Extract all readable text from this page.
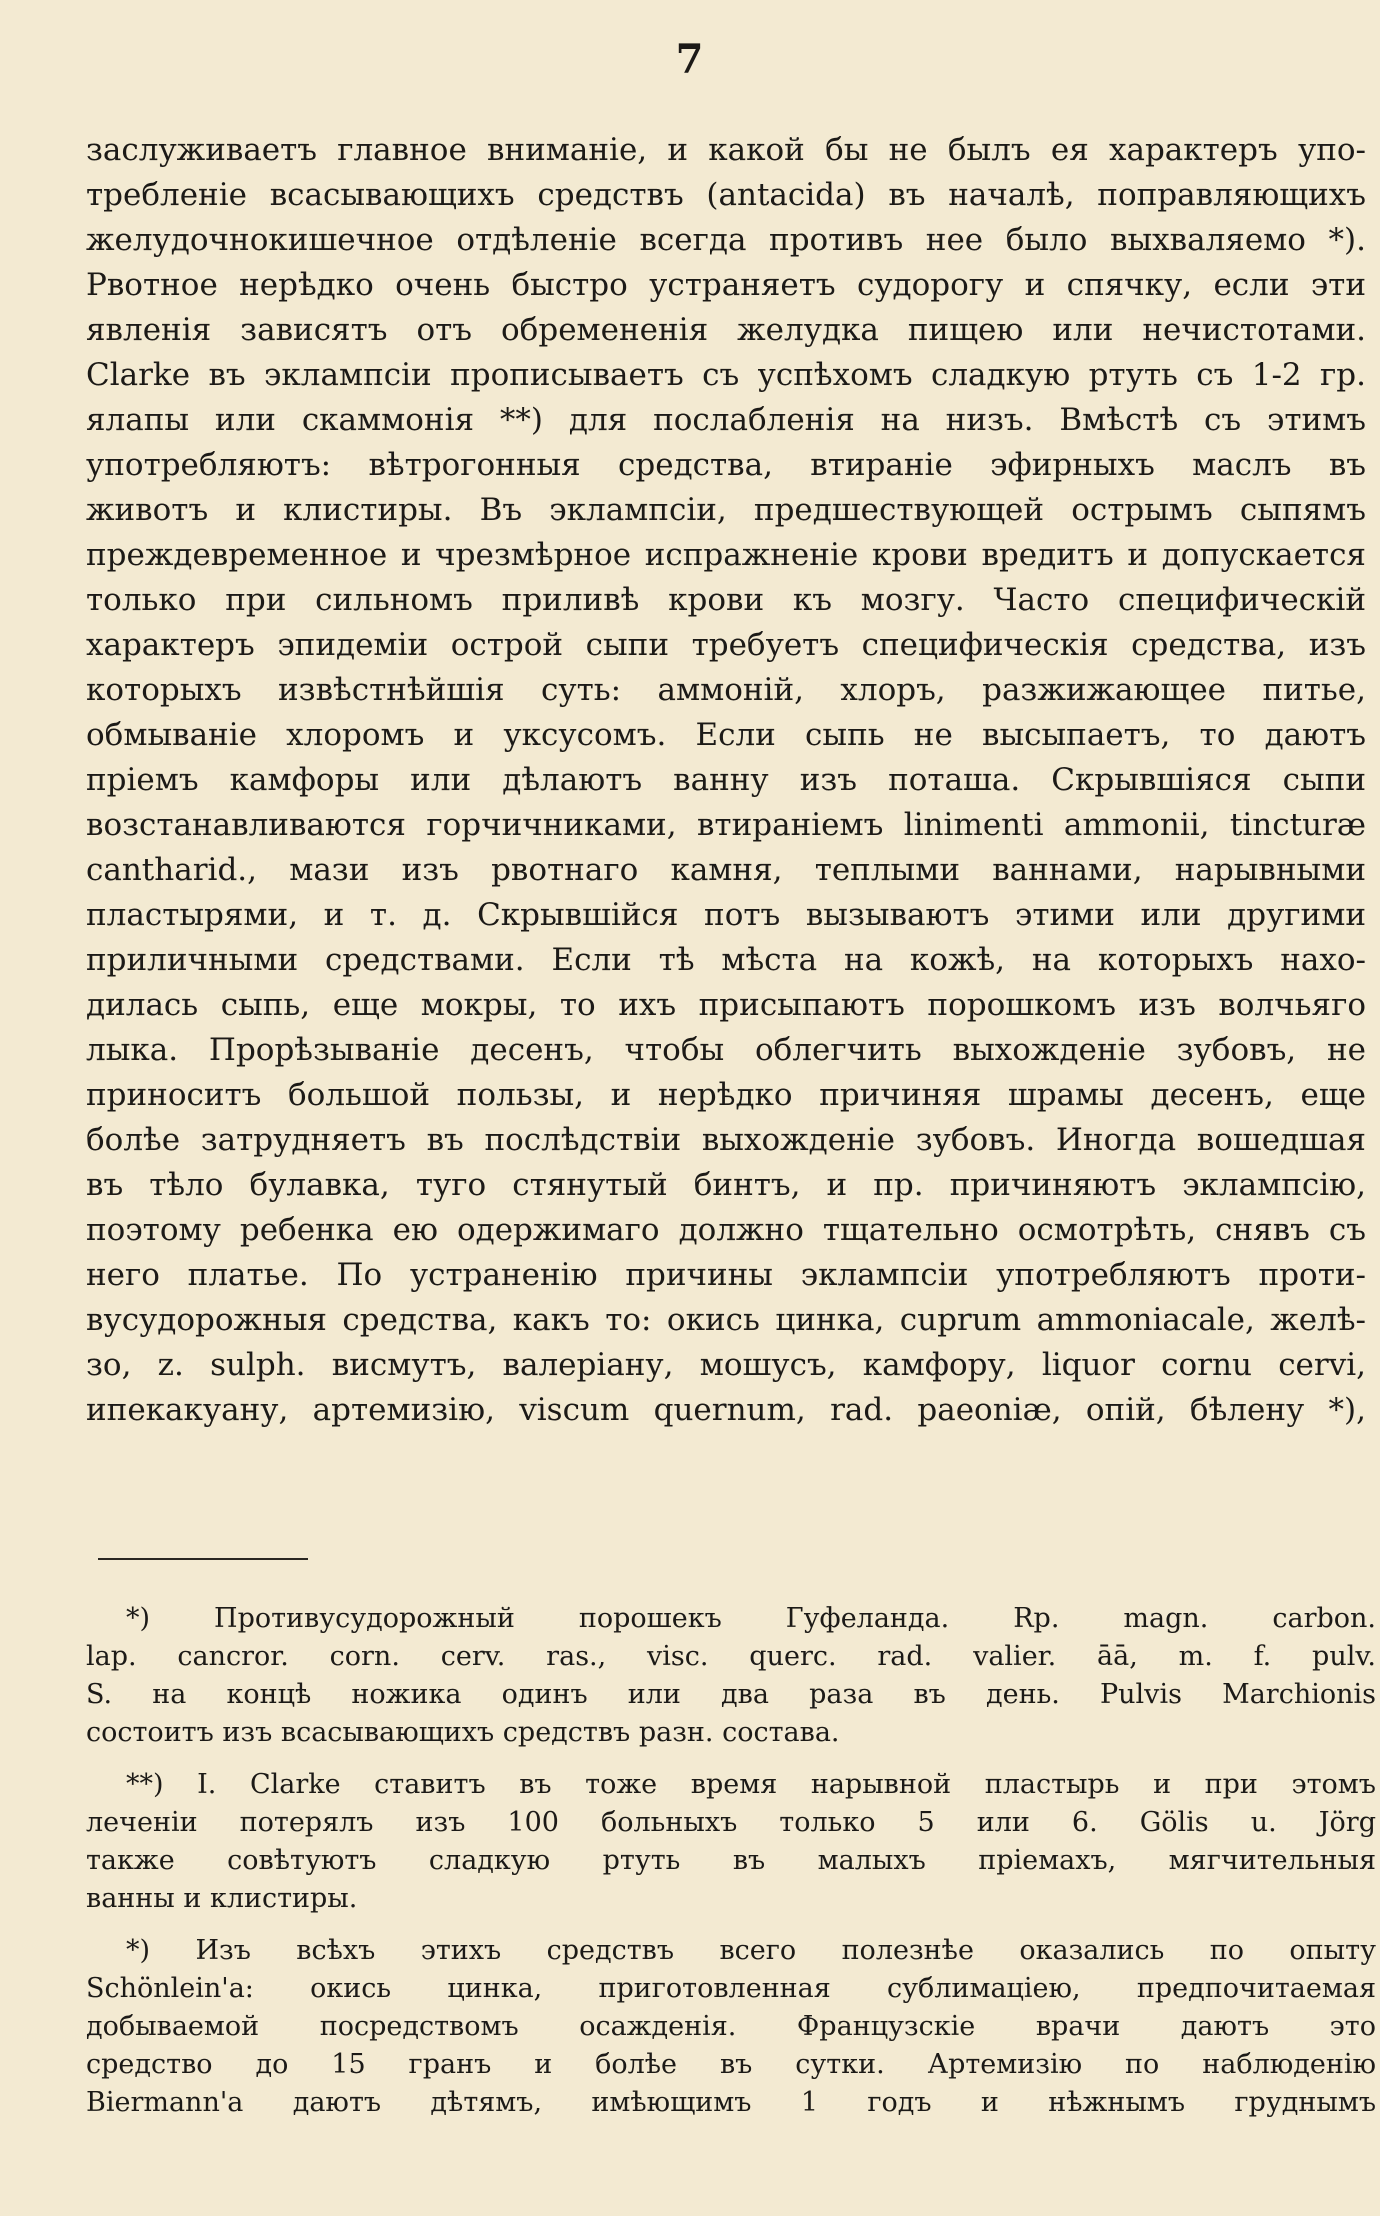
7
заслуживаетъ главное вниманіе, и какой бы не былъ ея характеръ упо-
требленіе всасывающихъ средствъ (antacida) въ началѣ, поправляющихъ
желудочнокишечное отдѣленіе всегда противъ нее было выхваляемо *).
Рвотное нерѣдко очень быстро устраняетъ судорогу и спячку, если эти
явленія зависятъ отъ обремененія желудка пищею или нечистотами.
Clarke въ эклампсіи прописываетъ съ успѣхомъ сладкую ртуть съ 1-2 гр.
ялапы или скаммонія **) для послабленія на низъ. Вмѣстѣ съ этимъ
употребляютъ: вѣтрогонныя средства, втираніе эфирныхъ маслъ въ
животъ и клистиры. Въ эклампсіи, предшествующей острымъ сыпямъ
преждевременное и чрезмѣрное испражненіе крови вредитъ и допускается
только при сильномъ приливѣ крови къ мозгу. Часто специфическій
характеръ эпидеміи острой сыпи требуетъ специфическія средства, изъ
которыхъ извѣстнѣйшія суть: аммоній, хлоръ, разжижающее питье,
обмываніе хлоромъ и уксусомъ. Если сыпь не высыпаетъ, то даютъ
пріемъ камфоры или дѣлаютъ ванну изъ поташа. Скрывшіяся сыпи
возстанавливаются горчичниками, втираніемъ linimenti ammonii, tincturæ
cantharid., мази изъ рвотнаго камня, теплыми ваннами, нарывными
пластырями, и т. д. Скрывшійся потъ вызываютъ этими или другими
приличными средствами. Если тѣ мѣста на кожѣ, на которыхъ нахо-
дилась сыпь, еще мокры, то ихъ присыпаютъ порошкомъ изъ волчьяго
лыка. Прорѣзываніе деcенъ, чтобы облегчить выхожденіе зубовъ, не
приноситъ большой пользы, и нерѣдко причиняя шрамы деcенъ, еще
болѣе затрудняетъ въ послѣдствіи выхожденіе зубовъ. Иногда вошедшая
въ тѣло булавка, туго стянутый бинтъ, и пр. причиняютъ эклампсію,
поэтому ребенка ею одержимаго должно тщательно осмотрѣть, снявъ съ
него платье. По устраненію причины эклампсіи употребляютъ проти-
вусудорожныя средства, какъ то: окись цинка, cuprum ammoniacale, желѣ-
зо, z. sulph. висмутъ, валеріану, мошусъ, камфору, liquor cornu cervi,
ипекакуану, артемизію, viscum quernum, rad. paeoniæ, опій, бѣлену *),
*) Противусудорожный порошекъ Гуфеланда. Rp. magn. carbon.
lap. cancror. corn. cerv. ras., visc. querc. rad. valier. āā, m. f. pulv.
S. на концѣ ножика одинъ или два раза въ день. Pulvis Marchionis
состоитъ изъ всасывающихъ средствъ разн. состава.
**) I. Clarke ставитъ въ тоже время нарывной пластырь и при этомъ
леченіи потерялъ изъ 100 больныхъ только 5 или 6. Gölis u. Jörg
также совѣтуютъ сладкую ртуть въ малыхъ пріемахъ, мягчительныя
ванны и клистиры.
*) Изъ всѣхъ этихъ средствъ всего полезнѣе оказались по опыту
Schönlein'a: окись цинка, приготовленная сублимаціею, предпочитаемая
добываемой посредствомъ осажденія. Французскіе врачи даютъ это
средство до 15 гранъ и болѣе въ сутки. Артемизію по наблюденію
Biermann'a даютъ дѣтямъ, имѣющимъ 1 годъ и нѣжнымъ груднымъ
